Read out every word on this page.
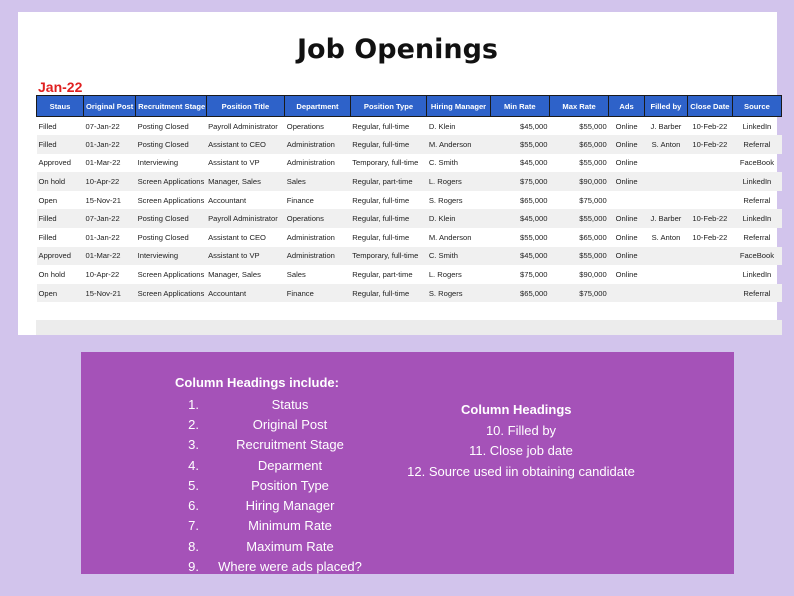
Job Openings
Jan-22
Staus	Original Post	Recruitment Stage	Position Title	Department	Position Type	Hiring Manager	Min Rate	Max Rate	Ads	Filled by	Close Date	Source
Filled	07-Jan-22	Posting Closed	Payroll Administrator	Operations	Regular, full-time	D. Klein	$45,000	$55,000	Online	J. Barber	10-Feb-22	LinkedIn
Filled	01-Jan-22	Posting Closed	Assistant to CEO	Administration	Regular, full-time	M. Anderson	$55,000	$65,000	Online	S. Anton	10-Feb-22	Referral
Approved	01-Mar-22	Interviewing	Assistant to VP	Administration	Temporary, full-time	C. Smith	$45,000	$55,000	Online			FaceBook
On hold	10-Apr-22	Screen Applications	Manager, Sales	Sales	Regular, part-time	L. Rogers	$75,000	$90,000	Online			LinkedIn
Open	15-Nov-21	Screen Applications	Accountant	Finance	Regular, full-time	S. Rogers	$65,000	$75,000				Referral
Filled	07-Jan-22	Posting Closed	Payroll Administrator	Operations	Regular, full-time	D. Klein	$45,000	$55,000	Online	J. Barber	10-Feb-22	LinkedIn
Filled	01-Jan-22	Posting Closed	Assistant to CEO	Administration	Regular, full-time	M. Anderson	$55,000	$65,000	Online	S. Anton	10-Feb-22	Referral
Approved	01-Mar-22	Interviewing	Assistant to VP	Administration	Temporary, full-time	C. Smith	$45,000	$55,000	Online			FaceBook
On hold	10-Apr-22	Screen Applications	Manager, Sales	Sales	Regular, part-time	L. Rogers	$75,000	$90,000	Online			LinkedIn
Open	15-Nov-21	Screen Applications	Accountant	Finance	Regular, full-time	S. Rogers	$65,000	$75,000				Referral
Column Headings include:
1.	Status
2.	Original Post
3.	Recruitment Stage
4.	Deparment
5.	Position Type
6.	Hiring Manager
7.	Minimum Rate
8.	Maximum Rate
9.	Where were ads placed?
Column Headings
10. Filled by
11. Close job date
12. Source used iin obtaining candidate
